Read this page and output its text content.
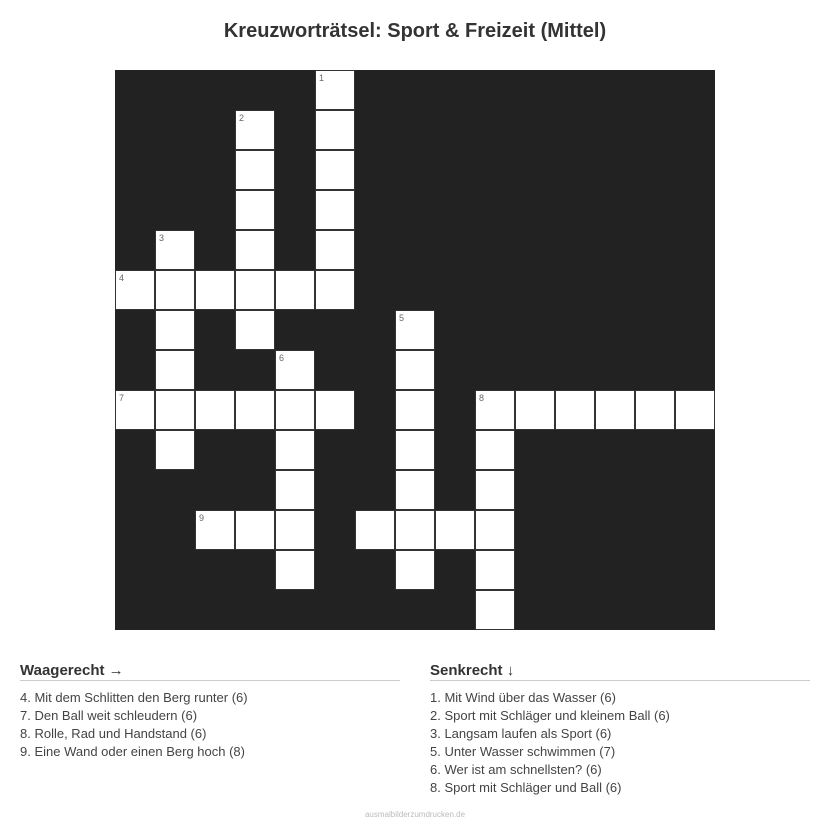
Kreuzworträtsel: Sport & Freizeit (Mittel)
1
2
3
4
5
6
7	8
9
Waagerecht →
4. Mit dem Schlitten den Berg runter (6)
7. Den Ball weit schleudern (6)
8. Rolle, Rad und Handstand (6)
9. Eine Wand oder einen Berg hoch (8)
Senkrecht ↓
1. Mit Wind über das Wasser (6)
2. Sport mit Schläger und kleinem Ball (6)
3. Langsam laufen als Sport (6)
5. Unter Wasser schwimmen (7)
6. Wer ist am schnellsten? (6)
8. Sport mit Schläger und Ball (6)
ausmalbilderzumdrucken.de
